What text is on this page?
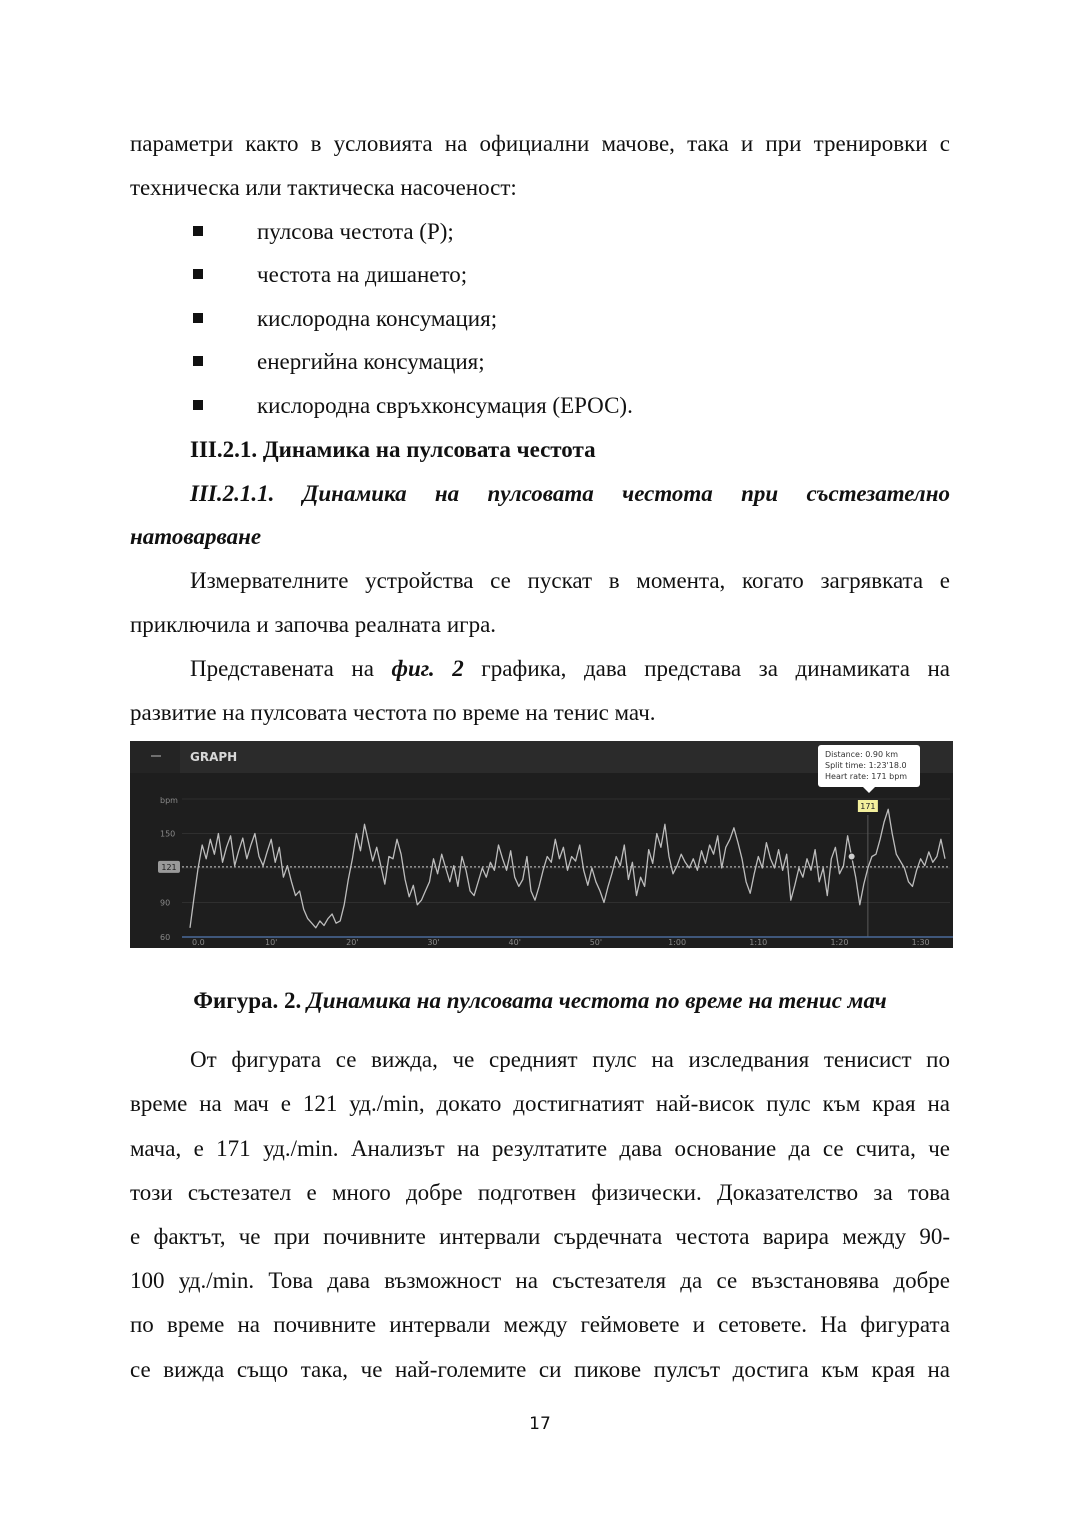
параметри както в условията на официални мачове, така и при тренировки с
техническа или тактическа насоченост:
пулсова честота (Р);
честота на дишането;
кислородна консумация;
енергийна консумация;
кислородна свръхконсумация (ЕРОС).
III.2.1. Динамика на пулсовата честота
III.2.1.1. Динамика на пулсовата честота при състезателно
натоварване
Измервателните устройства се пускат в момента, когато загрявката е
приключила и започва реалната игра.
Представената на фиг. 2 графика, дава представа за динамиката на
развитие на пулсовата честота по време на тенис мач.
GRAPH
bpm
150
90
60
0.0	10'	20'	30'	40'	50'	1:00	1:10	1:20	1:30
121
171
Distance: 0.90 km
Split time: 1:23'18.0
Heart rate: 171 bpm
Фигура. 2. Динамика на пулсовата честота по време на тенис мач
От фигурата се вижда, че средният пулс на изследвания тенисист по
време на мач е 121 уд./min, докато достигнатият най-висок пулс към края на
мача, е 171 уд./min. Анализът на резултатите дава основание да се счита, че
този състезател е много добре подготвен физически. Доказателство за това
е фактът, че при почивните интервали сърдечната честота варира между 90-
100 уд./min. Това дава възможност на състезателя да се възстановява добре
по време на почивните интервали между геймовете и сетовете. На фигурата
се вижда също така, че най-големите си пикове пулсът достига към края на
17
